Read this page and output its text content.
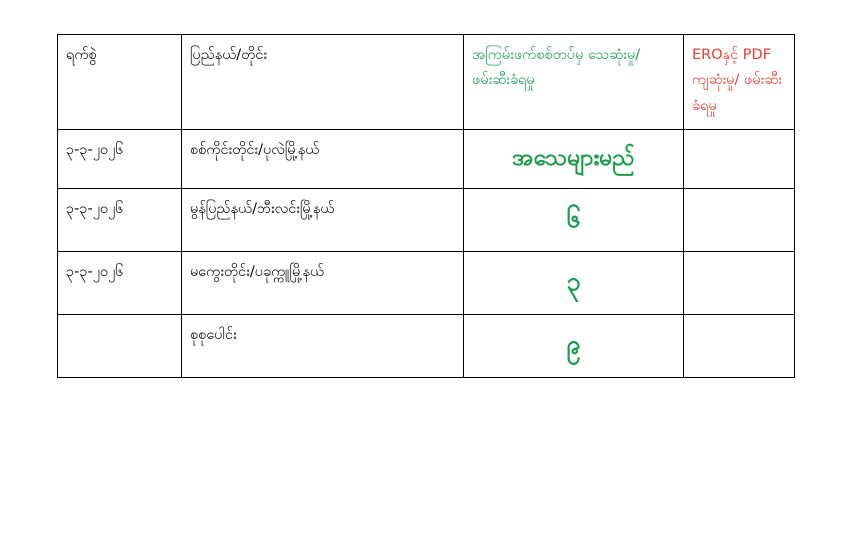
ရက်စွဲ	ပြည်နယ်/တိုင်း	အကြမ်းဖက်စစ်တပ်မှ သေဆုံးမှု/ ဖမ်းဆီးခံရမှု	EROနှင့် PDF ကျဆုံးမှု/ ဖမ်းဆီး ခံရမှု
၃-၃-၂၀၂၆	စစ်ကိုင်းတိုင်း/ပုလဲမြို့နယ်	အသေများမည်	
၃-၃-၂၀၂၆	မွန်ပြည်နယ်/ဘီးလင်းမြို့နယ်	၆	
၃-၃-၂၀၂၆	မကွေးတိုင်း/ပခုက္ကူမြို့နယ်	၃	
	စုစုပေါင်း	၉	
